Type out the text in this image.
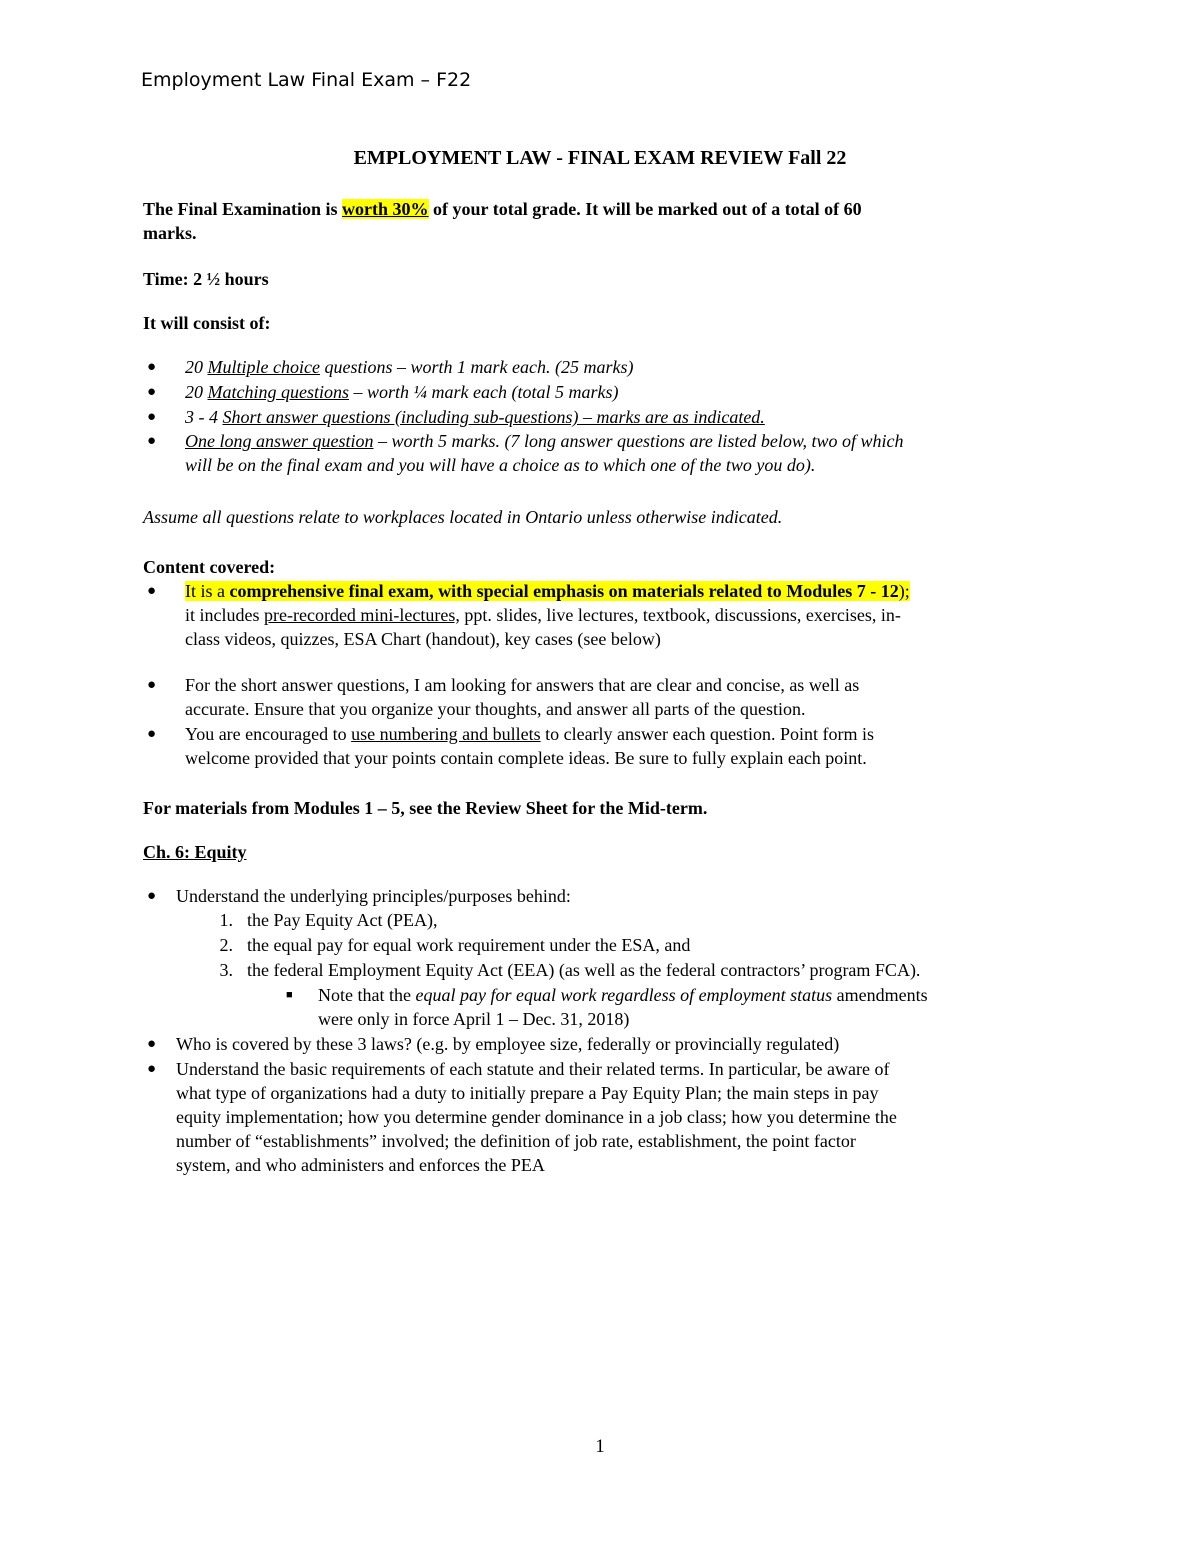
Employment Law Final Exam – F22
EMPLOYMENT LAW - FINAL EXAM REVIEW Fall 22
The Final Examination is worth 30% of your total grade. It will be marked out of a total of 60
marks.
Time: 2 ½ hours
It will consist of:
● 20 Multiple choice questions – worth 1 mark each. (25 marks)
● 20 Matching questions – worth ¼ mark each (total 5 marks)
● 3 - 4 Short answer questions (including sub-questions) – marks are as indicated.
● One long answer question – worth 5 marks. (7 long answer questions are listed below, two of which
will be on the final exam and you will have a choice as to which one of the two you do).
Assume all questions relate to workplaces located in Ontario unless otherwise indicated.
Content covered:
● It is a comprehensive final exam, with special emphasis on materials related to Modules 7 - 12);
it includes pre-recorded mini-lectures, ppt. slides, live lectures, textbook, discussions, exercises, in-
class videos, quizzes, ESA Chart (handout), key cases (see below)
● For the short answer questions, I am looking for answers that are clear and concise, as well as
accurate. Ensure that you organize your thoughts, and answer all parts of the question.
● You are encouraged to use numbering and bullets to clearly answer each question. Point form is
welcome provided that your points contain complete ideas. Be sure to fully explain each point.
For materials from Modules 1 – 5, see the Review Sheet for the Mid-term.
Ch. 6: Equity
● Understand the underlying principles/purposes behind:
1. the Pay Equity Act (PEA),
2. the equal pay for equal work requirement under the ESA, and
3. the federal Employment Equity Act (EEA) (as well as the federal contractors’ program FCA).
■ Note that the equal pay for equal work regardless of employment status amendments
were only in force April 1 – Dec. 31, 2018)
● Who is covered by these 3 laws? (e.g. by employee size, federally or provincially regulated)
● Understand the basic requirements of each statute and their related terms. In particular, be aware of
what type of organizations had a duty to initially prepare a Pay Equity Plan; the main steps in pay
equity implementation; how you determine gender dominance in a job class; how you determine the
number of “establishments” involved; the definition of job rate, establishment, the point factor
system, and who administers and enforces the PEA
1
